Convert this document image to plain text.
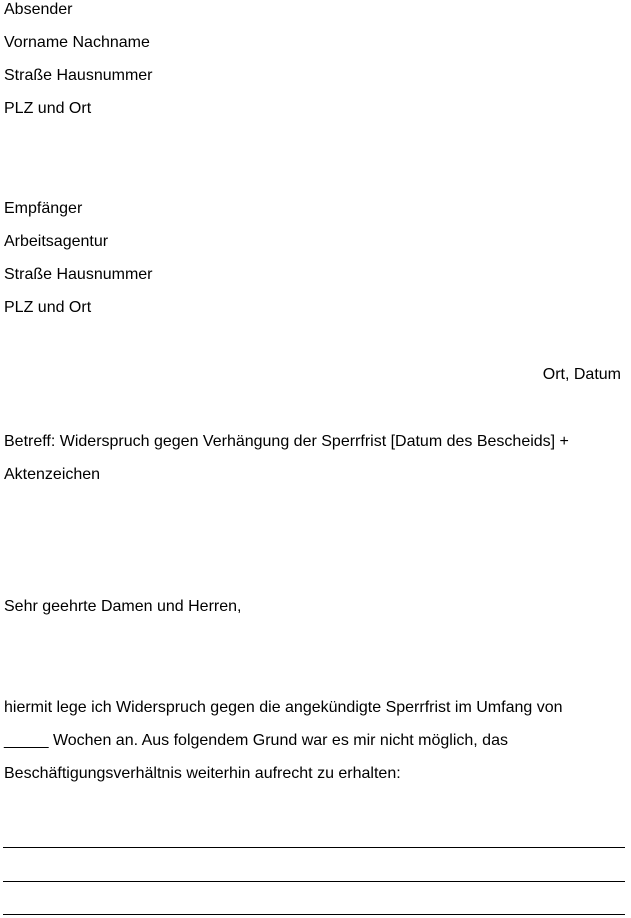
Absender
Vorname Nachname
Straße Hausnummer
PLZ und Ort
Empfänger
Arbeitsagentur
Straße Hausnummer
PLZ und Ort
Ort, Datum
Betreff: Widerspruch gegen Verhängung der Sperrfrist [Datum des Bescheids] +
Aktenzeichen
Sehr geehrte Damen und Herren,
hiermit lege ich Widerspruch gegen die angekündigte Sperrfrist im Umfang von
_____ Wochen an. Aus folgendem Grund war es mir nicht möglich, das
Beschäftigungsverhältnis weiterhin aufrecht zu erhalten:
